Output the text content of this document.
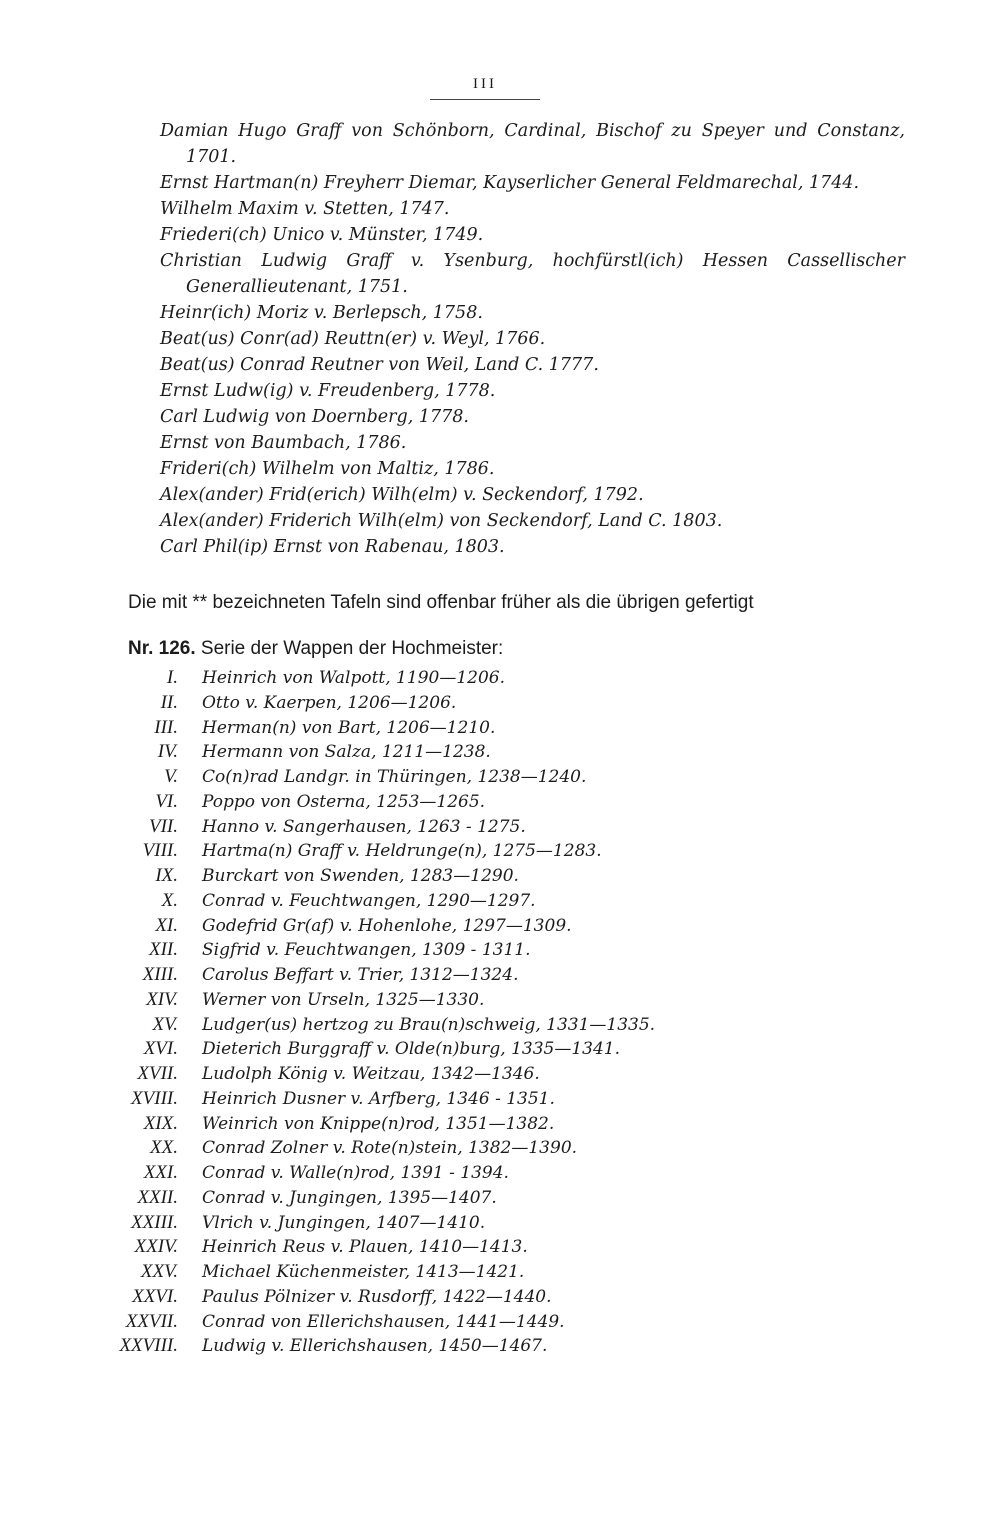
III
Damian Hugo Graff von Schönborn, Cardinal, Bischof zu Speyer und Constanz, 1701.
Ernst Hartman(n) Freyherr Diemar, Kayserlicher General Feldmarechal, 1744.
Wilhelm Maxim v. Stetten, 1747.
Friederi(ch) Unico v. Münster, 1749.
Christian Ludwig Graff v. Ysenburg, hochfürstl(ich) Hessen Cassellischer Generallieutenant, 1751.
Heinr(ich) Moriz v. Berlepsch, 1758.
Beat(us) Conr(ad) Reuttn(er) v. Weyl, 1766.
Beat(us) Conrad Reutner von Weil, Land C. 1777.
Ernst Ludw(ig) v. Freudenberg, 1778.
Carl Ludwig von Doernberg, 1778.
Ernst von Baumbach, 1786.
Frideri(ch) Wilhelm von Maltiz, 1786.
Alex(ander) Frid(erich) Wilh(elm) v. Seckendorf, 1792.
Alex(ander) Friderich Wilh(elm) von Seckendorf, Land C. 1803.
Carl Phil(ip) Ernst von Rabenau, 1803.
Die mit ** bezeichneten Tafeln sind offenbar früher als die übrigen gefertigt
Nr. 126. Serie der Wappen der Hochmeister:
I. Heinrich von Walpott, 1190—1206.
II. Otto v. Kaerpen, 1206—1206.
III. Herman(n) von Bart, 1206—1210.
IV. Hermann von Salza, 1211—1238.
V. Co(n)rad Landgr. in Thüringen, 1238—1240.
VI. Poppo von Osterna, 1253—1265.
VII. Hanno v. Sangerhausen, 1263 - 1275.
VIII. Hartma(n) Graff v. Heldrunge(n), 1275—1283.
IX. Burckart von Swenden, 1283—1290.
X. Conrad v. Feuchtwangen, 1290—1297.
XI. Godefrid Gr(af) v. Hohenlohe, 1297—1309.
XII. Sigfrid v. Feuchtwangen, 1309 - 1311.
XIII. Carolus Beffart v. Trier, 1312—1324.
XIV. Werner von Urseln, 1325—1330.
XV. Ludger(us) hertzog zu Brau(n)schweig, 1331—1335.
XVI. Dieterich Burggraff v. Olde(n)burg, 1335—1341.
XVII. Ludolph König v. Weitzau, 1342—1346.
XVIII. Heinrich Dusner v. Arfberg, 1346 - 1351.
XIX. Weinrich von Knippe(n)rod, 1351—1382.
XX. Conrad Zolner v. Rote(n)stein, 1382—1390.
XXI. Conrad v. Walle(n)rod, 1391 - 1394.
XXII. Conrad v. Jungingen, 1395—1407.
XXIII. Vlrich v. Jungingen, 1407—1410.
XXIV. Heinrich Reus v. Plauen, 1410—1413.
XXV. Michael Küchenmeister, 1413—1421.
XXVI. Paulus Pölnizer v. Rusdorff, 1422—1440.
XXVII. Conrad von Ellerichshausen, 1441—1449.
XXVIII. Ludwig v. Ellerichshausen, 1450—1467.
